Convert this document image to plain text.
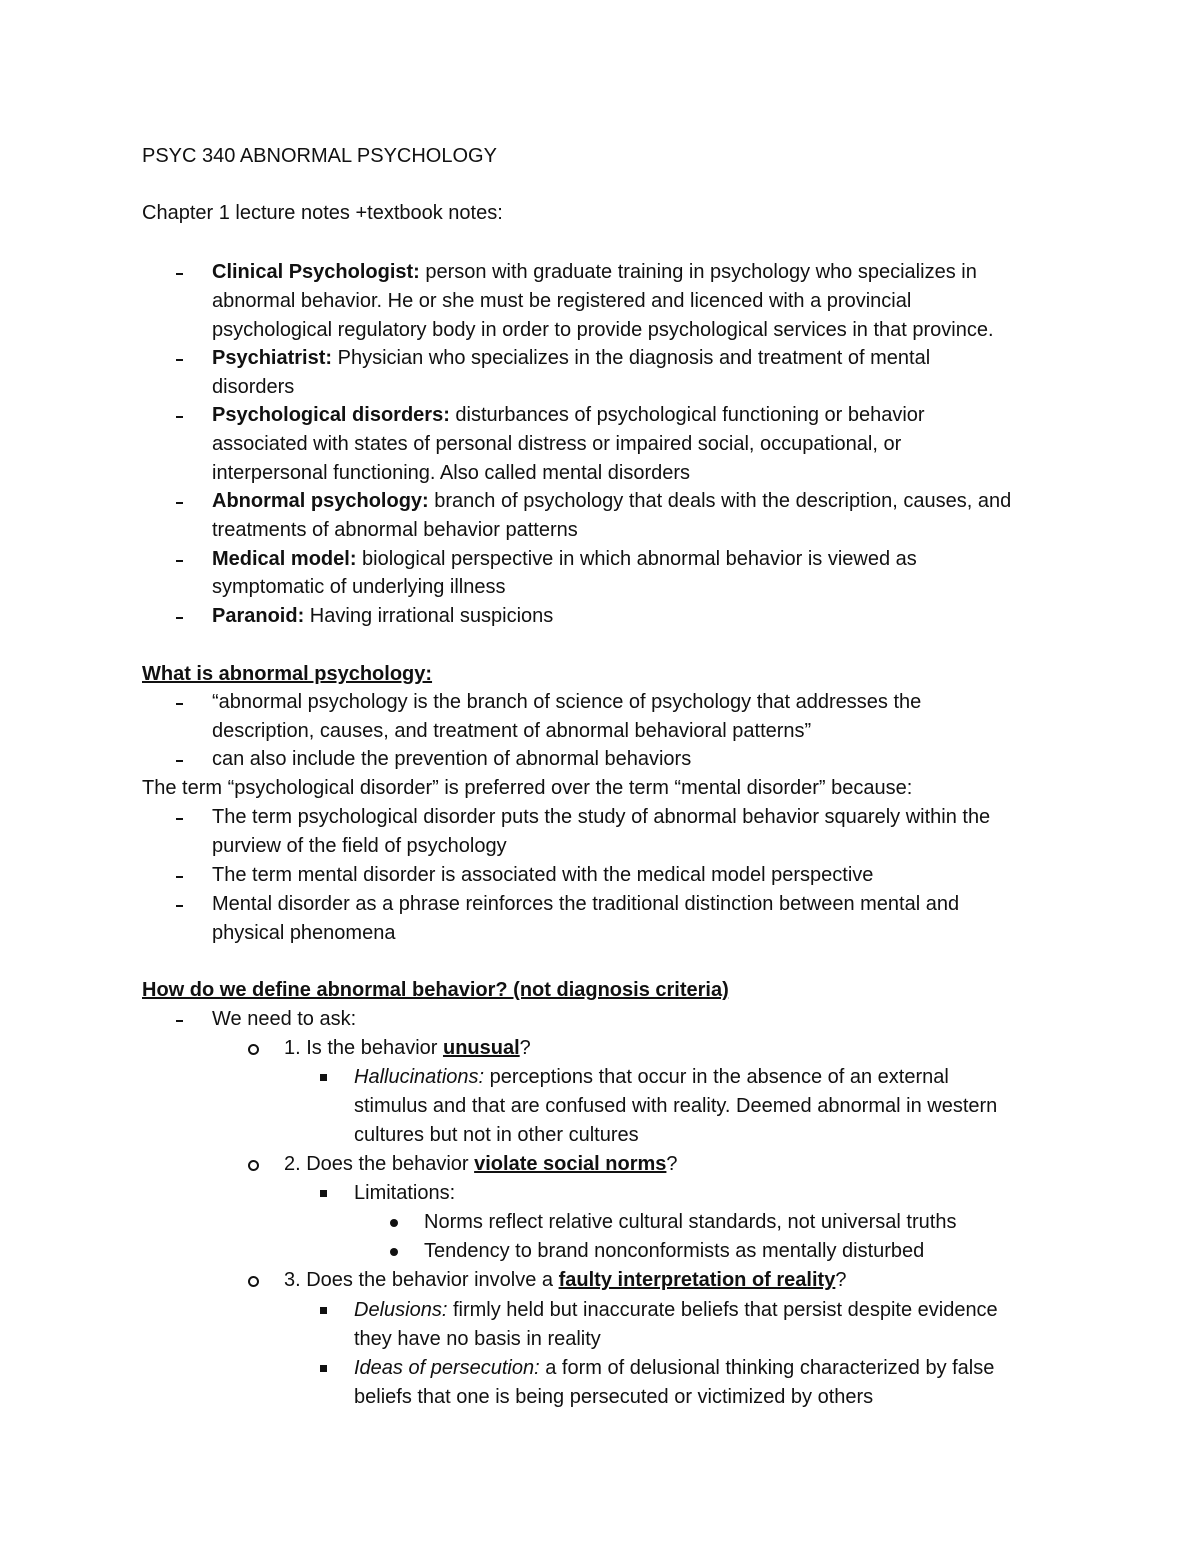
PSYC 340 ABNORMAL PSYCHOLOGY
Chapter 1 lecture notes +textbook notes:
Clinical Psychologist: person with graduate training in psychology who specializes in
abnormal behavior. He or she must be registered and licenced with a provincial
psychological regulatory body in order to provide psychological services in that province.
Psychiatrist: Physician who specializes in the diagnosis and treatment of mental
disorders
Psychological disorders: disturbances of psychological functioning or behavior
associated with states of personal distress or impaired social, occupational, or
interpersonal functioning. Also called mental disorders
Abnormal psychology: branch of psychology that deals with the description, causes, and
treatments of abnormal behavior patterns
Medical model: biological perspective in which abnormal behavior is viewed as
symptomatic of underlying illness
Paranoid: Having irrational suspicions
What is abnormal psychology:
“abnormal psychology is the branch of science of psychology that addresses the
description, causes, and treatment of abnormal behavioral patterns”
can also include the prevention of abnormal behaviors
The term “psychological disorder” is preferred over the term “mental disorder” because:
The term psychological disorder puts the study of abnormal behavior squarely within the
purview of the field of psychology
The term mental disorder is associated with the medical model perspective
Mental disorder as a phrase reinforces the traditional distinction between mental and
physical phenomena
How do we define abnormal behavior? (not diagnosis criteria)
We need to ask:
1. Is the behavior unusual?
Hallucinations: perceptions that occur in the absence of an external
stimulus and that are confused with reality. Deemed abnormal in western
cultures but not in other cultures
2. Does the behavior violate social norms?
Limitations:
Norms reflect relative cultural standards, not universal truths
Tendency to brand nonconformists as mentally disturbed
3. Does the behavior involve a faulty interpretation of reality?
Delusions: firmly held but inaccurate beliefs that persist despite evidence
they have no basis in reality
Ideas of persecution: a form of delusional thinking characterized by false
beliefs that one is being persecuted or victimized by others
